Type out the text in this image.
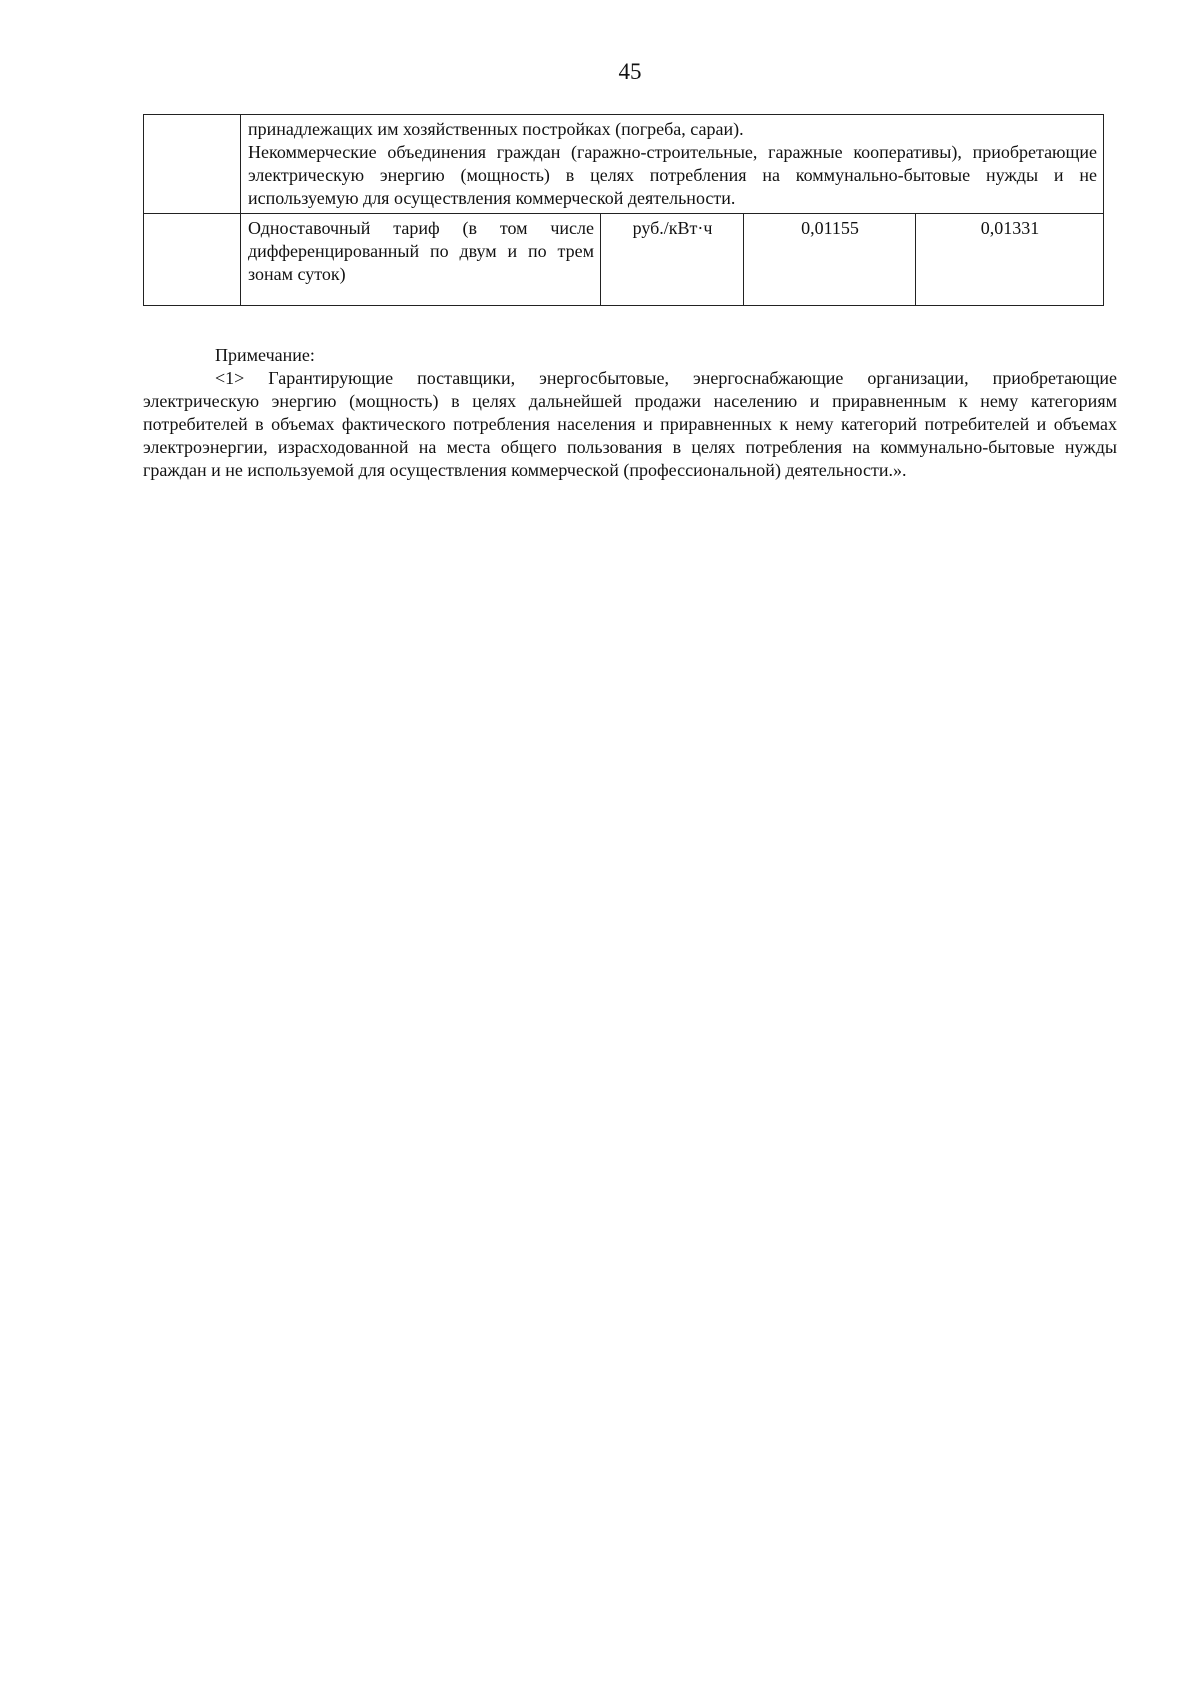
45

	принадлежащих им хозяйственных постройках (погреба, сараи).

Некоммерческие объединения граждан (гаражно-строительные, гаражные кооперативы), приобретающие электрическую энергию (мощность) в целях потребления на коммунально-бытовые нужды и не используемую для осуществления коммерческой деятельности.			

	Одноставочный тариф (в том числе дифференцированный по двум и по трем зонам суток)	руб./кВт·ч	0,01155	0,01331

Примечание:

<1> Гарантирующие поставщики, энергосбытовые, энергоснабжающие организации, приобретающие электрическую энергию (мощность) в целях дальнейшей продажи населению и приравненным к нему категориям потребителей в объемах фактического потребления населения и приравненных к нему категорий потребителей и объемах электроэнергии, израсходованной на места общего пользования в целях потребления на коммунально-бытовые нужды граждан и не используемой для осуществления коммерческой (профессиональной) деятельности.».
